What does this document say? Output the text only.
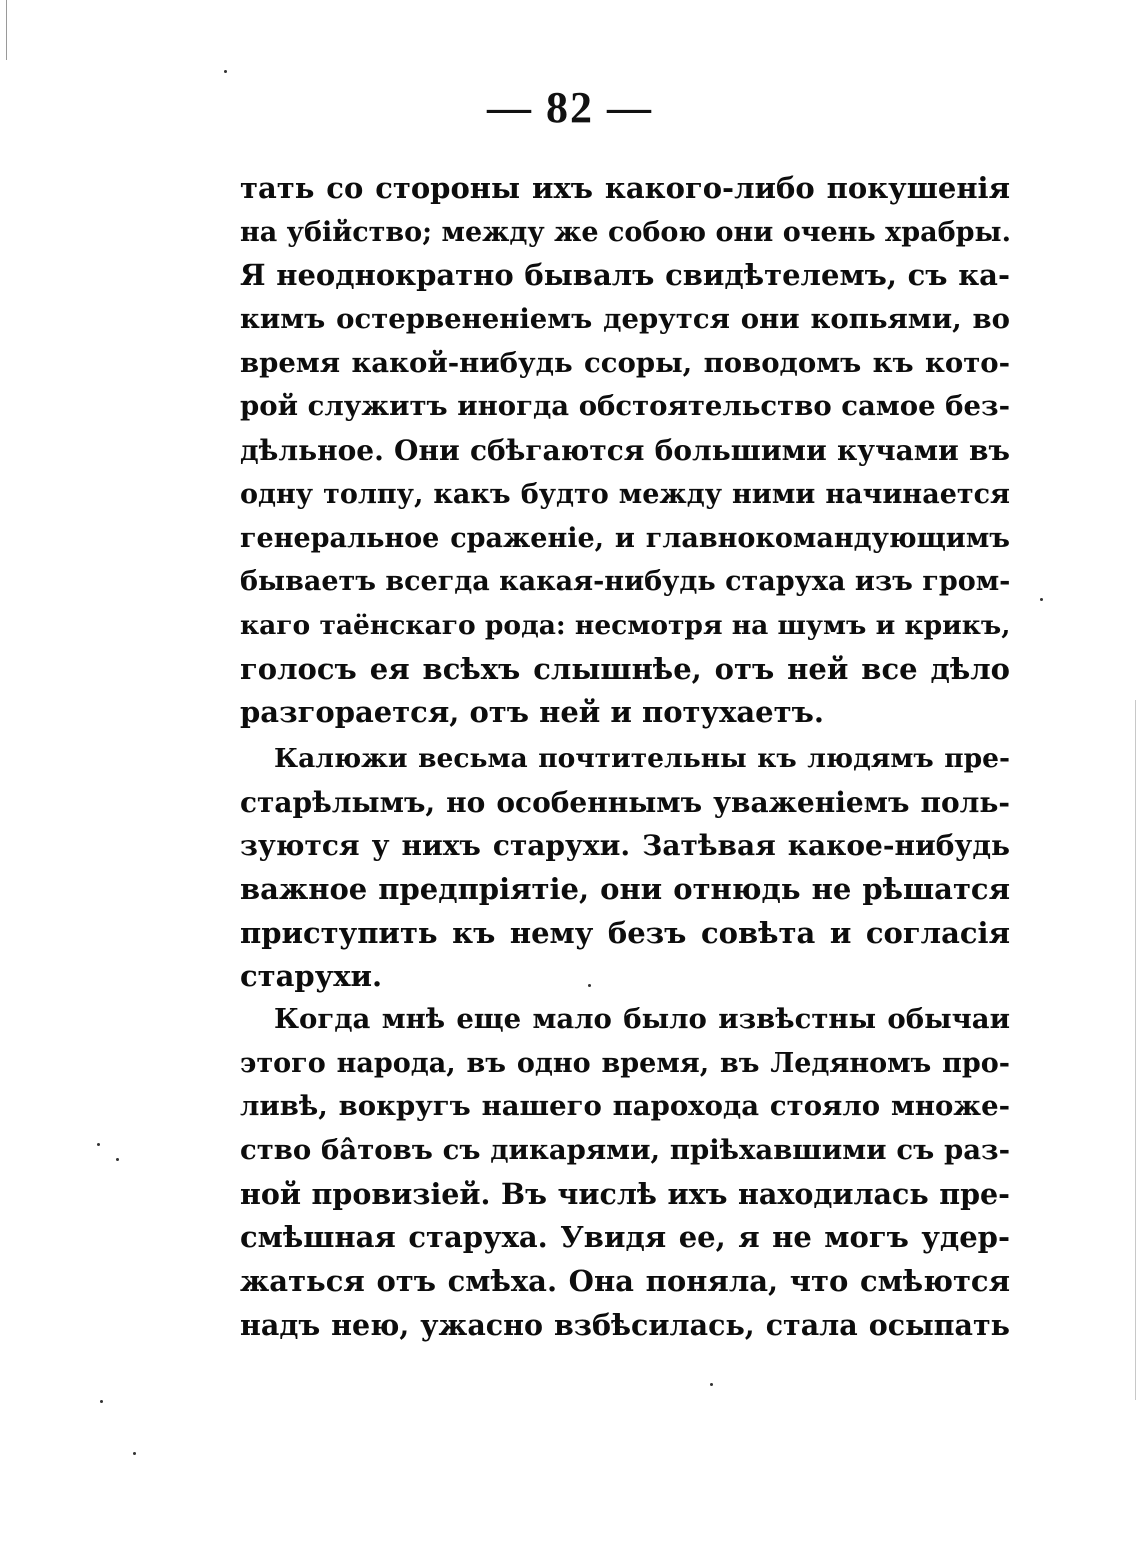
— 82 —
тать со стороны ихъ какого-либо покушенія
на убійство; между же собою они очень храбры.
Я неоднократно бывалъ свидѣтелемъ, съ ка-
кимъ остервененіемъ дерутся они копьями, во
время какой-нибудь ссоры, поводомъ къ кото-
рой служитъ иногда обстоятельство самое без-
дѣльное. Они сбѣгаются большими кучами въ
одну толпу, какъ будто между ними начинается
генеральное сраженіе, и главнокомандующимъ
бываетъ всегда какая-нибудь старуха изъ гром-
каго таёнскаго рода: несмотря на шумъ и крикъ,
голосъ ея всѣхъ слышнѣе, отъ ней все дѣло
разгорается, отъ ней и потухаетъ.
Калюжи весьма почтительны къ людямъ пре-
старѣлымъ, но особеннымъ уваженіемъ поль-
зуются у нихъ старухи. Затѣвая какое-нибудь
важное предпріятіе, они отнюдь не рѣшатся
приступить къ нему безъ совѣта и согласія
старухи.
Когда мнѣ еще мало было извѣстны обычаи
этого народа, въ одно время, въ Ледяномъ про-
ливѣ, вокругъ нашего парохода стояло множе-
ство бâтовъ съ дикарями, пріѣхавшими съ раз-
ной провизіей. Въ числѣ ихъ находилась пре-
смѣшная старуха. Увидя ее, я не могъ удер-
жаться отъ смѣха. Она поняла, что смѣются
надъ нею, ужасно взбѣсилась, стала осыпать
